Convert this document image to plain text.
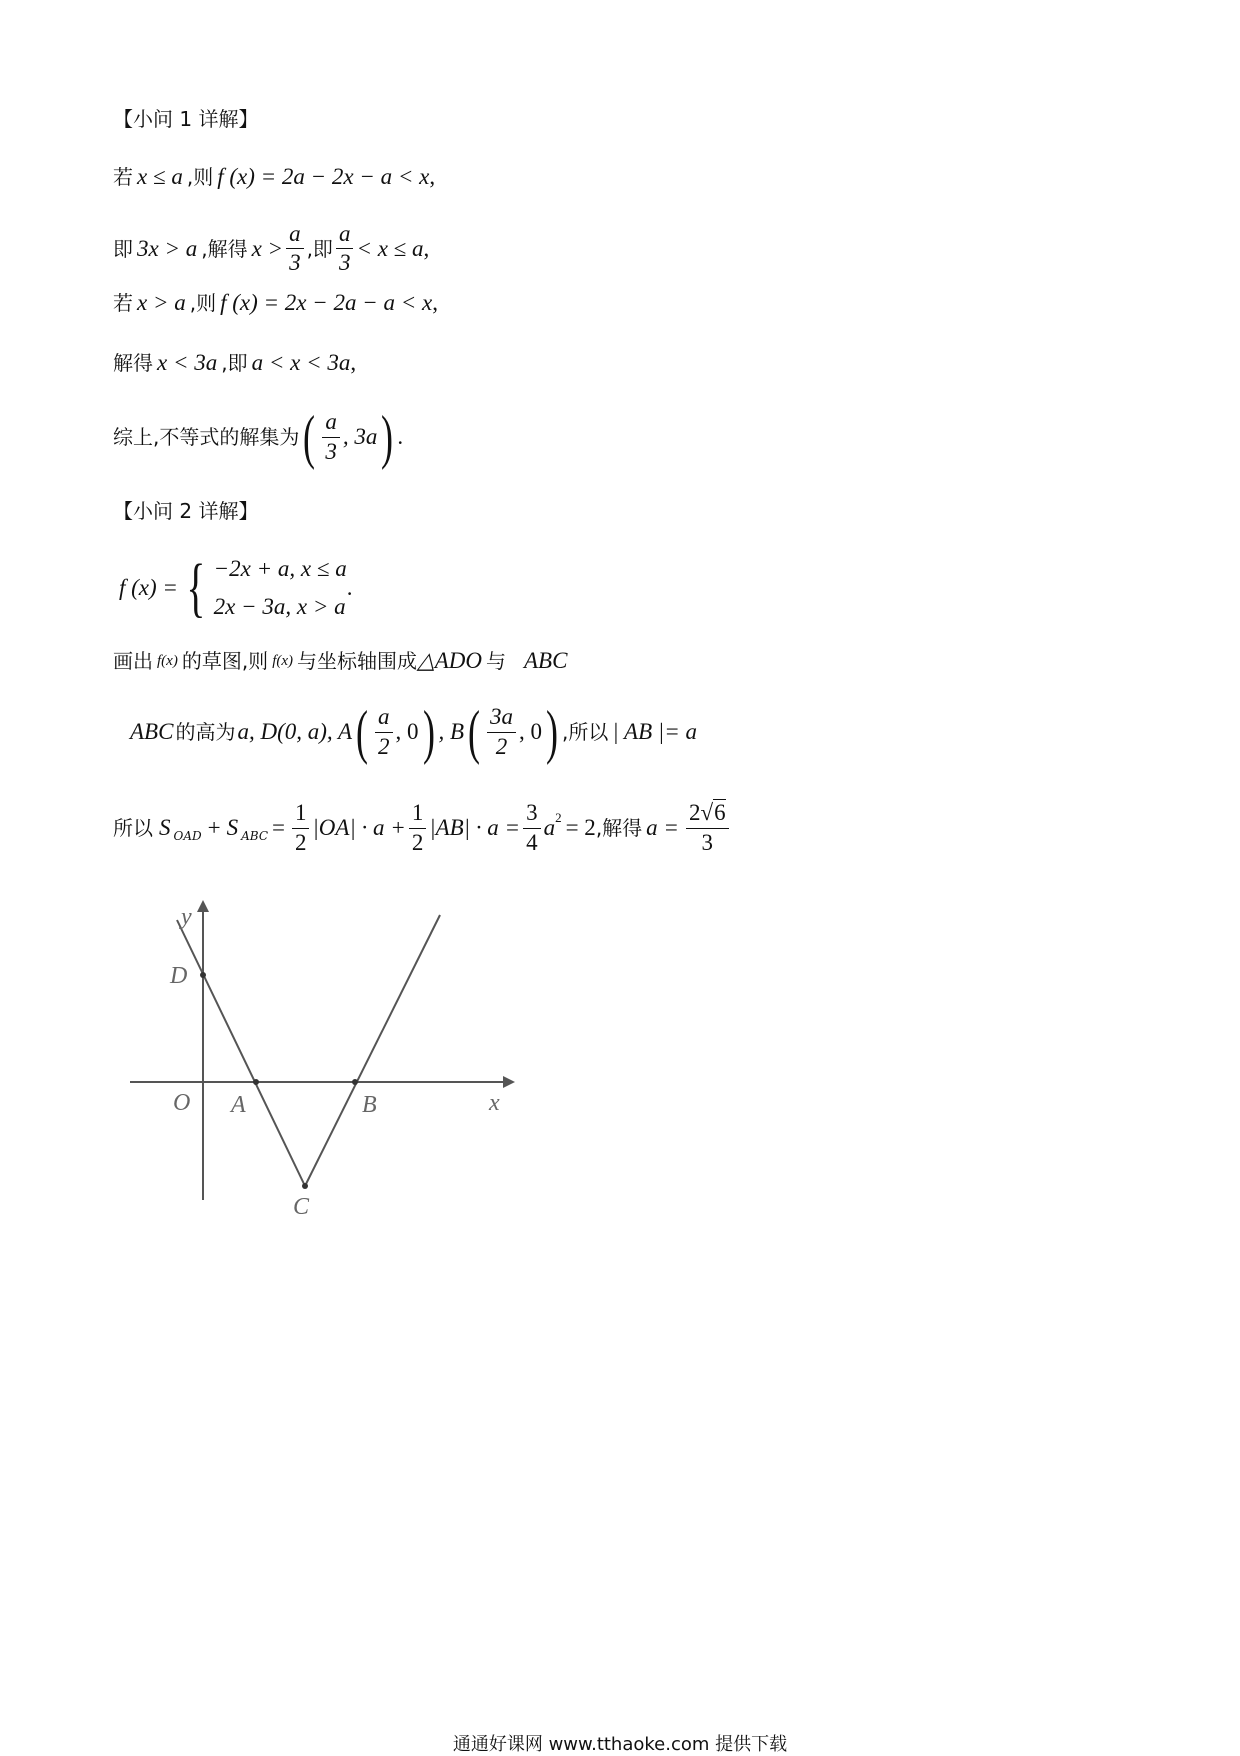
【小问 1 详解】
若 x ≤ a ,则 f (x) = 2a − 2x − a < x ,
即 3x > a ,解得 $x > \frac{a}{3}$ ,即 $\frac{a}{3} < x \le a$ ,
若 x > a ,则 f (x) = 2x − 2a − a < x ,
解得 x < 3a ,即 a < x < 3a ,
综上,不等式的解集为 ( $\frac{a}{3}$ , 3a ) .
【小问 2 详解】
f (x) = { −2x + a, x ≤ a
2x − 3a, x > a
.
画出 f(x) 的草图,则 f(x) 与坐标轴围成 △ADO 与 ABC
ABC 的高为 a, D(0, a), A ( $\frac{a}{2}$ , 0 ) , B ( $\frac{3a}{2}$ , 0 ) ,所以 | AB |= a
所以 S OAD + S ABC = $\frac{1}{2} |OA| \cdot a + \frac{1}{2} |AB| \cdot a = \frac{3}{4}$ a 2 = 2 ,解得 $a = \frac{2√6}{3}$
y
x
D
O A	B
C
通通好课网 www.tthaoke.com 提供下载
